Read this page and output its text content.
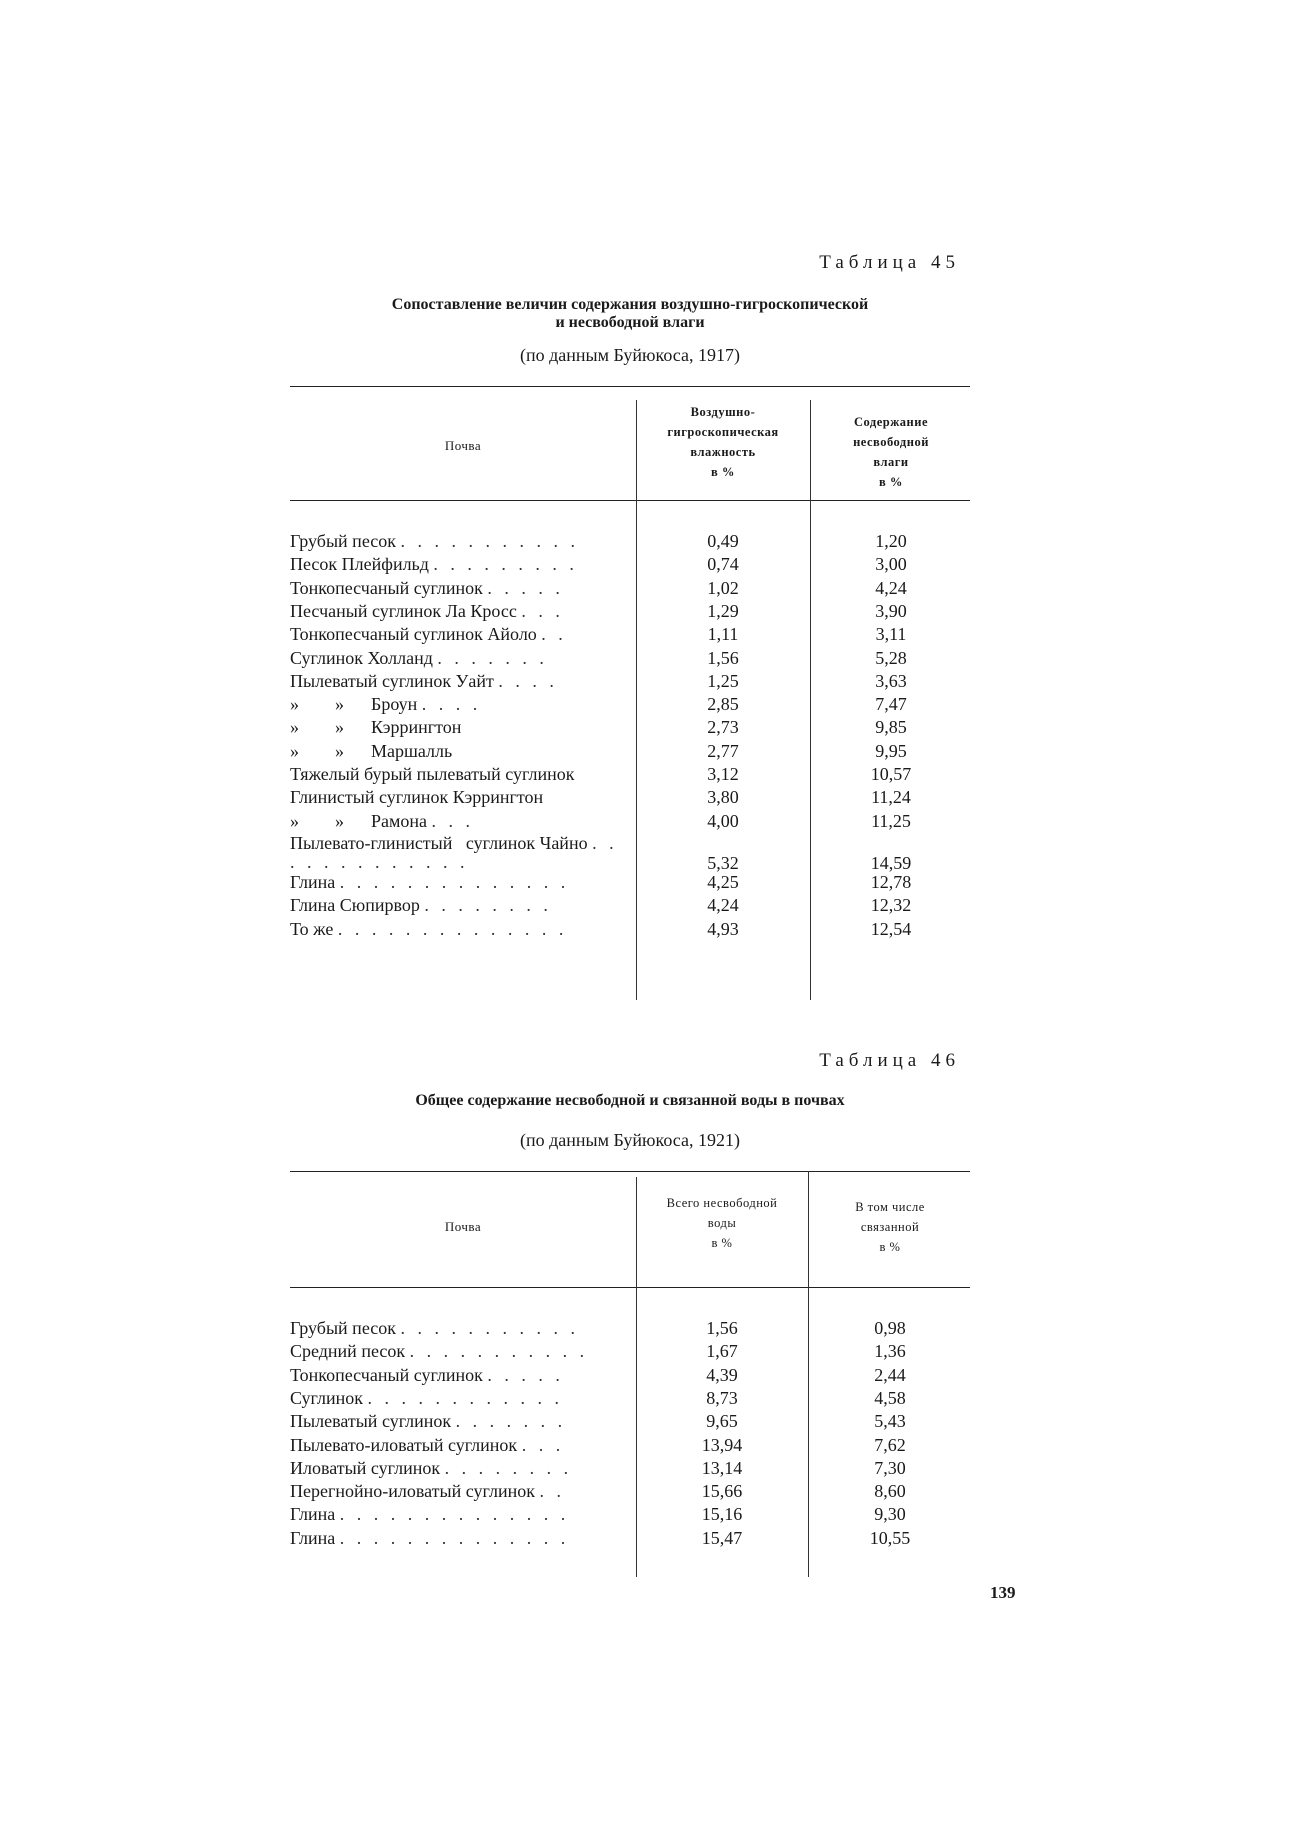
Таблица 45
Сопоставление величин содержания воздушно-гигроскопической
и несвободной влаги
(по данным Буйюкоса, 1917)
Почва
Воздушно-
гигроскопическая
влажность
в %
Содержание
несвободной
влаги
в %
Грубый песок . . . . . . . . . . .	0,49	1,20
Песок Плейфильд . . . . . . . . .	0,74	3,00
Тонкопесчаный суглинок . . . . .	1,02	4,24
Песчаный суглинок Ла Кросс . . .	1,29	3,90
Тонкопесчаный суглинок Айоло . .	1,11	3,11
Суглинок Холланд . . . . . . .	1,56	5,28
Пылеватый суглинок Уайт . . . .	1,25	3,63
»        »      Броун . . . .	2,85	7,47
»        »      Кэррингтон	2,73	9,85
»        »      Маршалль	2,77	9,95
Тяжелый бурый пылеватый суглинок	3,12	10,57
Глинистый суглинок Кэррингтон	3,80	11,24
»        »      Рамона . . .	4,00	11,25
Пылевато-глинистый   суглинок Чайно . . . . . . . . . . . . .	5,32	14,59
Глина . . . . . . . . . . . . . .	4,25	12,78
Глина Сюпирвор . . . . . . . .	4,24	12,32
То же . . . . . . . . . . . . . .	4,93	12,54
Таблица 46
Общее содержание несвободной и связанной воды в почвах
(по данным Буйюкоса, 1921)
Почва
Всего несвободной
воды
в %
В том числе
связанной
в %
Грубый песок . . . . . . . . . . .	1,56	0,98
Средний песок . . . . . . . . . . .	1,67	1,36
Тонкопесчаный суглинок . . . . .	4,39	2,44
Суглинок . . . . . . . . . . . .	8,73	4,58
Пылеватый суглинок . . . . . . .	9,65	5,43
Пылевато-иловатый суглинок . . .	13,94	7,62
Иловатый суглинок . . . . . . . .	13,14	7,30
Перегнойно-иловатый суглинок . .	15,66	8,60
Глина . . . . . . . . . . . . . .	15,16	9,30
Глина . . . . . . . . . . . . . .	15,47	10,55
139
